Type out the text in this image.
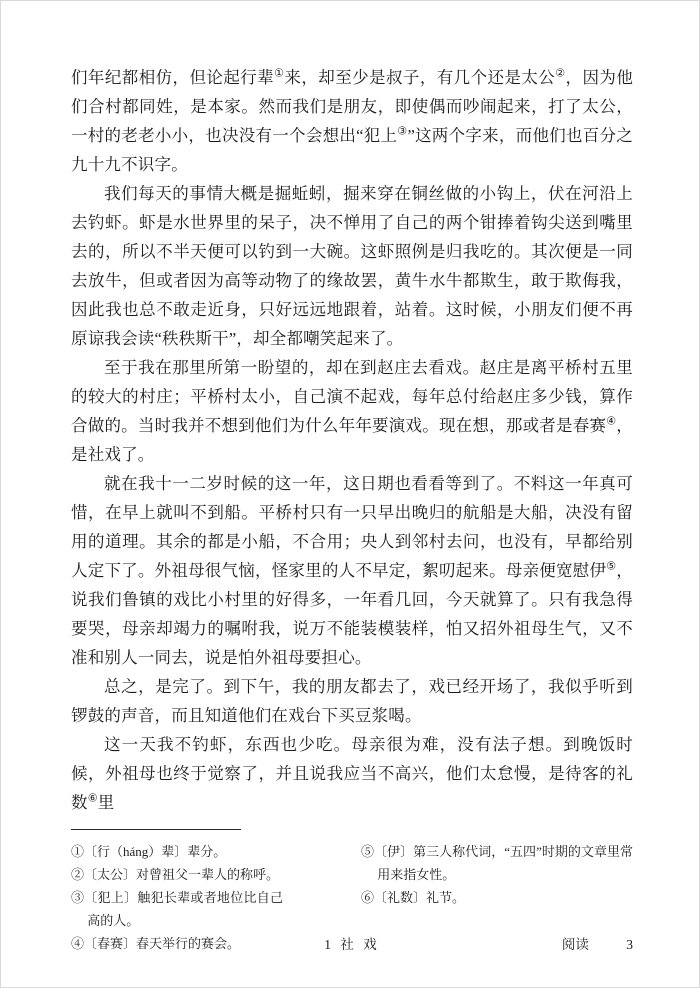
们年纪都相仿，但论起行辈①来，却至少是叔子，有几个还是太公②，因为他们合村都同姓，是本家。然而我们是朋友，即使偶而吵闹起来，打了太公，一村的老老小小，也决没有一个会想出“犯上③”这两个字来，而他们也百分之九十九不识字。

我们每天的事情大概是掘蚯蚓，掘来穿在铜丝做的小钩上，伏在河沿上去钓虾。虾是水世界里的呆子，决不惮用了自己的两个钳捧着钩尖送到嘴里去的，所以不半天便可以钓到一大碗。这虾照例是归我吃的。其次便是一同去放牛，但或者因为高等动物了的缘故罢，黄牛水牛都欺生，敢于欺侮我，因此我也总不敢走近身，只好远远地跟着，站着。这时候，小朋友们便不再原谅我会读“秩秩斯干”，却全都嘲笑起来了。

至于我在那里所第一盼望的，却在到赵庄去看戏。赵庄是离平桥村五里的较大的村庄；平桥村太小，自己演不起戏，每年总付给赵庄多少钱，算作合做的。当时我并不想到他们为什么年年要演戏。现在想，那或者是春赛④，是社戏了。

就在我十一二岁时候的这一年，这日期也看看等到了。不料这一年真可惜，在早上就叫不到船。平桥村只有一只早出晚归的航船是大船，决没有留用的道理。其余的都是小船，不合用；央人到邻村去问，也没有，早都给别人定下了。外祖母很气恼，怪家里的人不早定，絮叨起来。母亲便宽慰伊⑤，说我们鲁镇的戏比小村里的好得多，一年看几回，今天就算了。只有我急得要哭，母亲却竭力的嘱咐我，说万不能装模装样，怕又招外祖母生气，又不准和别人一同去，说是怕外祖母要担心。

总之，是完了。到下午，我的朋友都去了，戏已经开场了，我似乎听到锣鼓的声音，而且知道他们在戏台下买豆浆喝。

这一天我不钓虾，东西也少吃。母亲很为难，没有法子想。到晚饭时候，外祖母也终于觉察了，并且说我应当不高兴，他们太怠慢，是待客的礼数⑥里

①〔行（háng）辈〕辈分。

②〔太公〕对曾祖父一辈人的称呼。

③〔犯上〕触犯长辈或者地位比自己高的人。

④〔春赛〕春天举行的赛会。

⑤〔伊〕第三人称代词，“五四”时期的文章里常用来指女性。

⑥〔礼数〕礼节。

1 社 戏	阅读	3
